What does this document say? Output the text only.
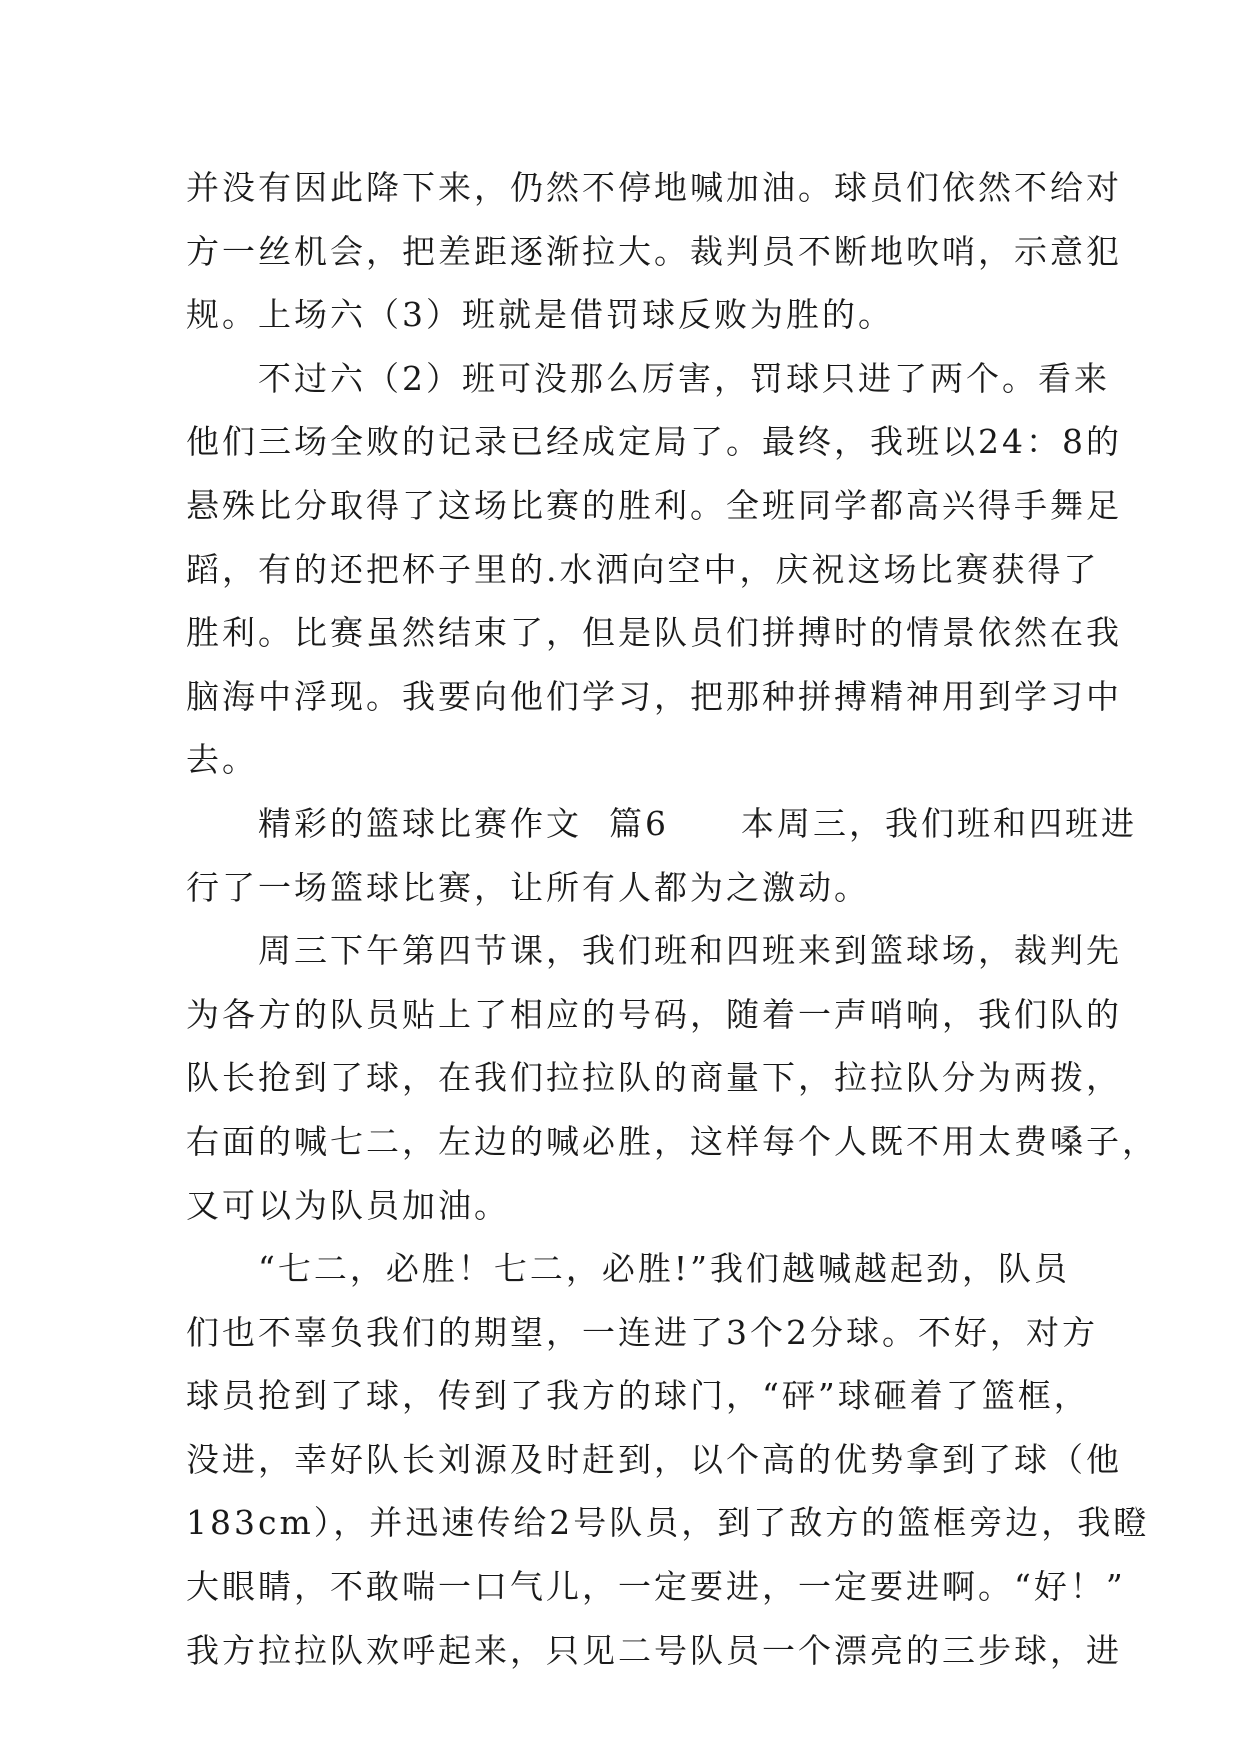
并没有因此降下来，仍然不停地喊加油。球员们依然不给对
方一丝机会，把差距逐渐拉大。裁判员不断地吹哨，示意犯
规。上场六（3）班就是借罚球反败为胜的。
　　不过六（2）班可没那么厉害，罚球只进了两个。看来
他们三场全败的记录已经成定局了。最终，我班以24：8的
悬殊比分取得了这场比赛的胜利。全班同学都高兴得手舞足
蹈，有的还把杯子里的.水洒向空中，庆祝这场比赛获得了
胜利。比赛虽然结束了，但是队员们拼搏时的情景依然在我
脑海中浮现。我要向他们学习，把那种拼搏精神用到学习中
去。
　　精彩的篮球比赛作文  篇6　　本周三，我们班和四班进
行了一场篮球比赛，让所有人都为之激动。
　　周三下午第四节课，我们班和四班来到篮球场，裁判先
为各方的队员贴上了相应的号码，随着一声哨响，我们队的
队长抢到了球，在我们拉拉队的商量下，拉拉队分为两拨，
右面的喊七二，左边的喊必胜，这样每个人既不用太费嗓子，
又可以为队员加油。
　　“七二，必胜！七二，必胜!”我们越喊越起劲，队员
们也不辜负我们的期望，一连进了3个2分球。不好，对方
球员抢到了球，传到了我方的球门，“砰”球砸着了篮框，
没进，幸好队长刘源及时赶到，以个高的优势拿到了球（他
183cm），并迅速传给2号队员，到了敌方的篮框旁边，我瞪
大眼睛，不敢喘一口气儿，一定要进，一定要进啊。“好！”
我方拉拉队欢呼起来，只见二号队员一个漂亮的三步球，进
